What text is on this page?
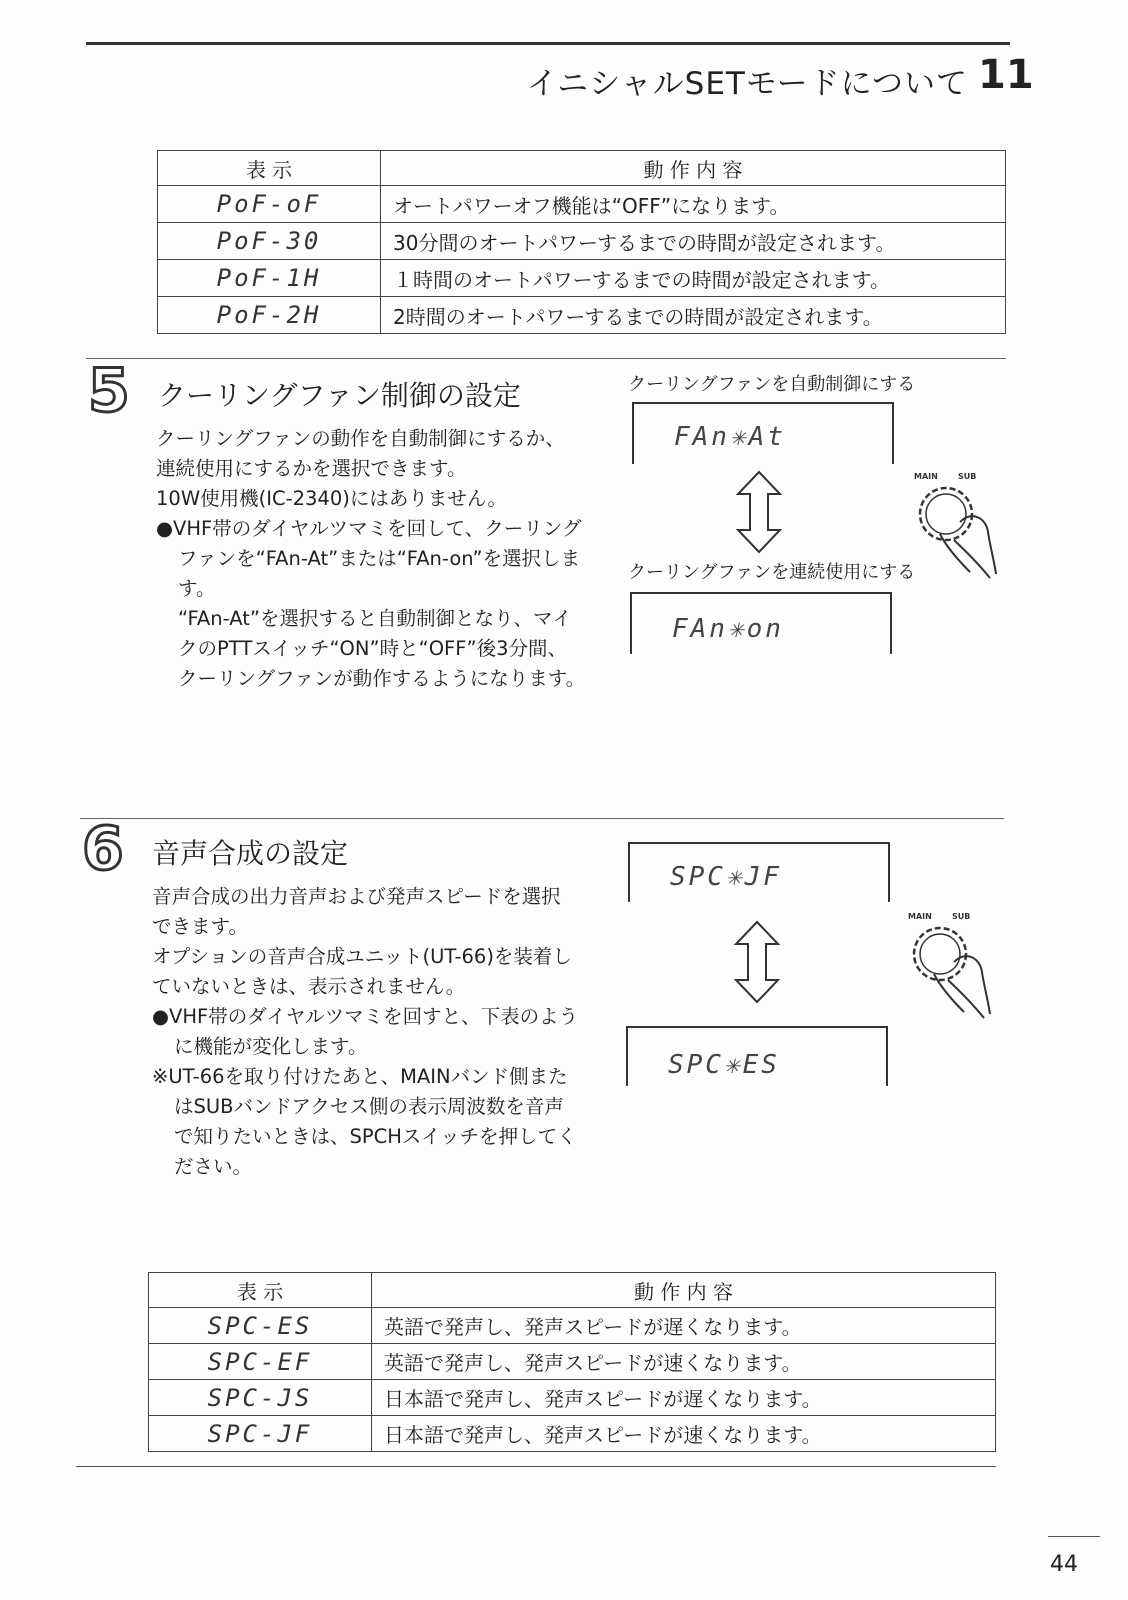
イニシャルSETモードについて 11
表 示	動 作 内 容
PoF-oF	オートパワーオフ機能は“OFF”になります。
PoF-30	30分間のオートパワーするまでの時間が設定されます。
PoF-1H	１時間のオートパワーするまでの時間が設定されます。
PoF-2H	2時間のオートパワーするまでの時間が設定されます。
5 クーリングファン制御の設定

クーリングファンの動作を自動制御にするか、

連続使用にするかを選択できます。

10W使用機(IC-2340)にはありません。

●VHF帯のダイヤルツマミを回して、クーリングファンを“FAn-At”または“FAn-on”を選択します。

“FAn-At”を選択すると自動制御となり、マイクのPTTスイッチ“ON”時と“OFF”後3分間、クーリングファンが動作するようになります。

クーリングファンを自動制御にする
FAn✳At
MAIN	SUB
クーリングファンを連続使用にする
FAn✳on
6 音声合成の設定

音声合成の出力音声および発声スピードを選択できます。

オプションの音声合成ユニット(UT-66)を装着していないときは、表示されません。

●VHF帯のダイヤルツマミを回すと、下表のように機能が変化します。

※UT-66を取り付けたあと、MAINバンド側またはSUBバンドアクセス側の表示周波数を音声で知りたいときは、SPCHスイッチを押してください。

SPC✳JF
MAIN	SUB
SPC✳ES
表 示	動 作 内 容
SPC-ES	英語で発声し、発声スピードが遅くなります。
SPC-EF	英語で発声し、発声スピードが速くなります。
SPC-JS	日本語で発声し、発声スピードが遅くなります。
SPC-JF	日本語で発声し、発声スピードが速くなります。
44
